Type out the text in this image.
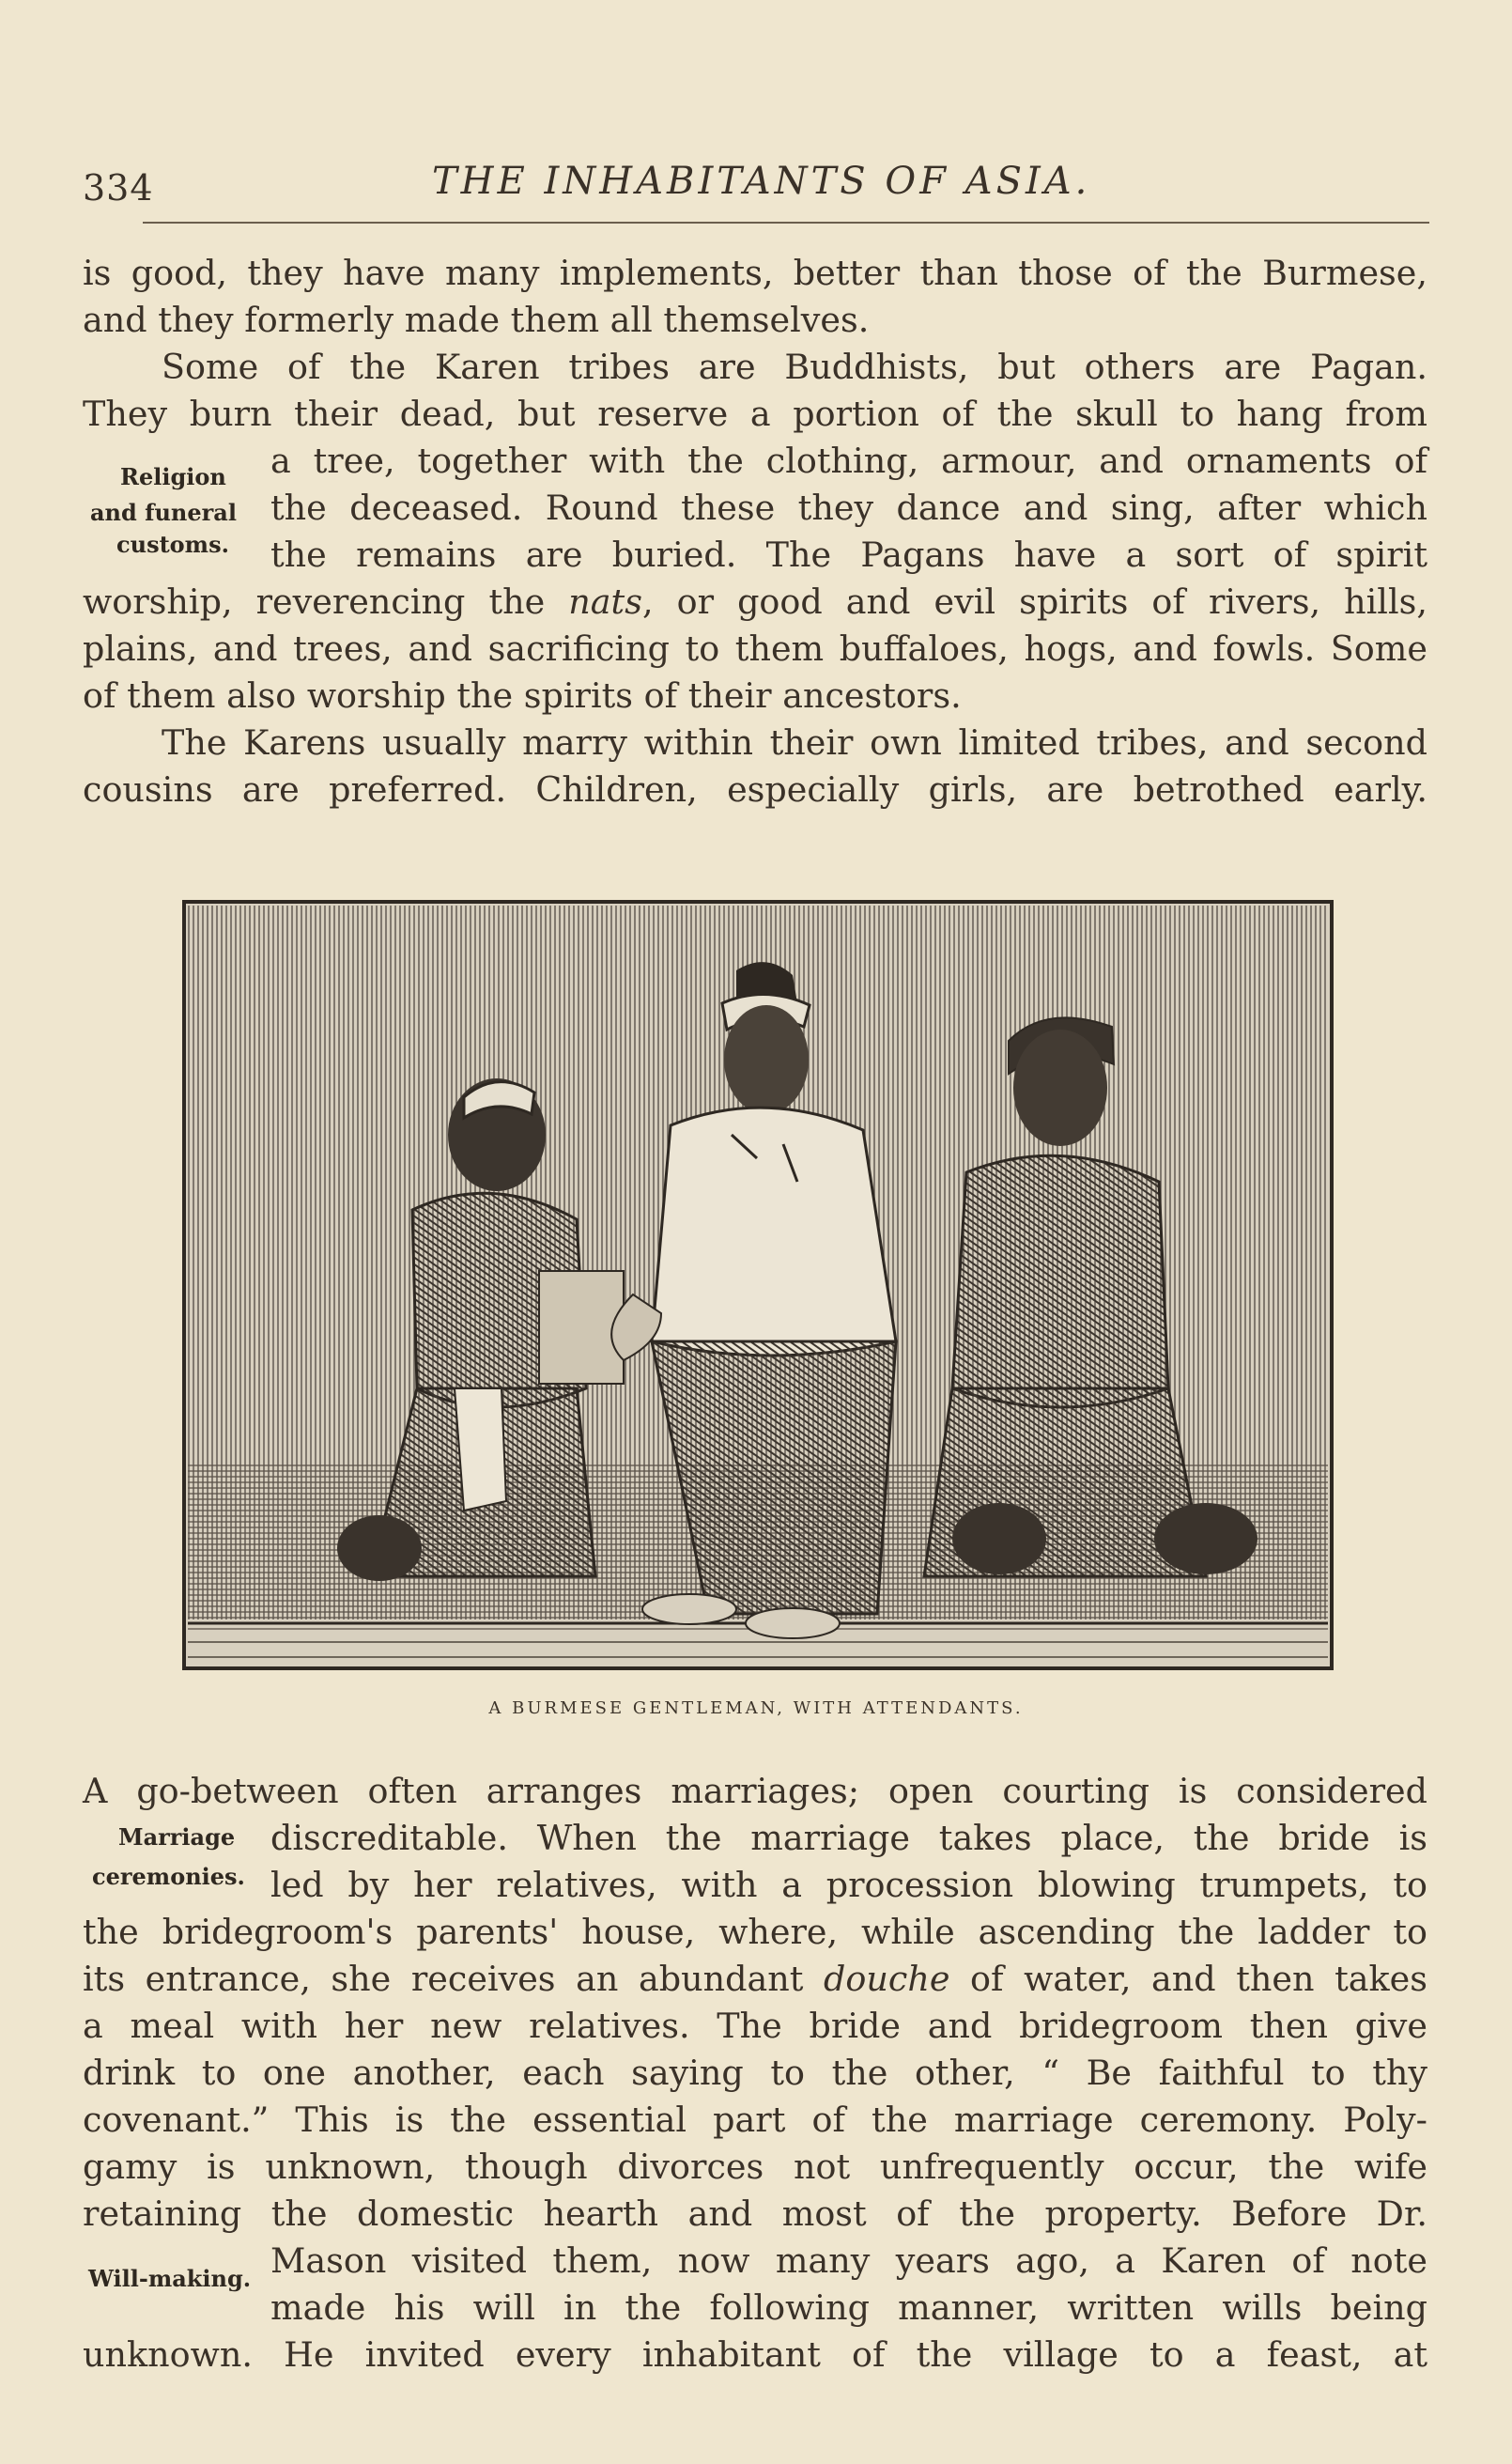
334	THE INHABITANTS OF ASIA.
is good, they have many implements, better than those of the Burmese,
and they formerly made them all themselves.
Some of the Karen tribes are Buddhists, but others are Pagan.
They burn their dead, but reserve a portion of the skull to hang from
a tree, together with the clothing, armour, and ornaments of
the deceased. Round these they dance and sing, after which
the remains are buried. The Pagans have a sort of spirit
worship, reverencing the nats, or good and evil spirits of rivers, hills,
plains, and trees, and sacrificing to them buffaloes, hogs, and fowls. Some
of them also worship the spirits of their ancestors.
The Karens usually marry within their own limited tribes, and second
cousins are preferred. Children, especially girls, are betrothed early.
Religion
and funeral
customs.
A BURMESE GENTLEMAN, WITH ATTENDANTS.
A go-between often arranges marriages; open courting is considered
discreditable. When the marriage takes place, the bride is
led by her relatives, with a procession blowing trumpets, to
the bridegroom's parents' house, where, while ascending the ladder to
its entrance, she receives an abundant douche of water, and then takes
a meal with her new relatives. The bride and bridegroom then give
drink to one another, each saying to the other, “ Be faithful to thy
covenant.” This is the essential part of the marriage ceremony. Poly-
gamy is unknown, though divorces not unfrequently occur, the wife
retaining the domestic hearth and most of the property. Before Dr.
Mason visited them, now many years ago, a Karen of note
made his will in the following manner, written wills being
unknown. He invited every inhabitant of the village to a feast, at
Marriage
ceremonies.
Will-making.
